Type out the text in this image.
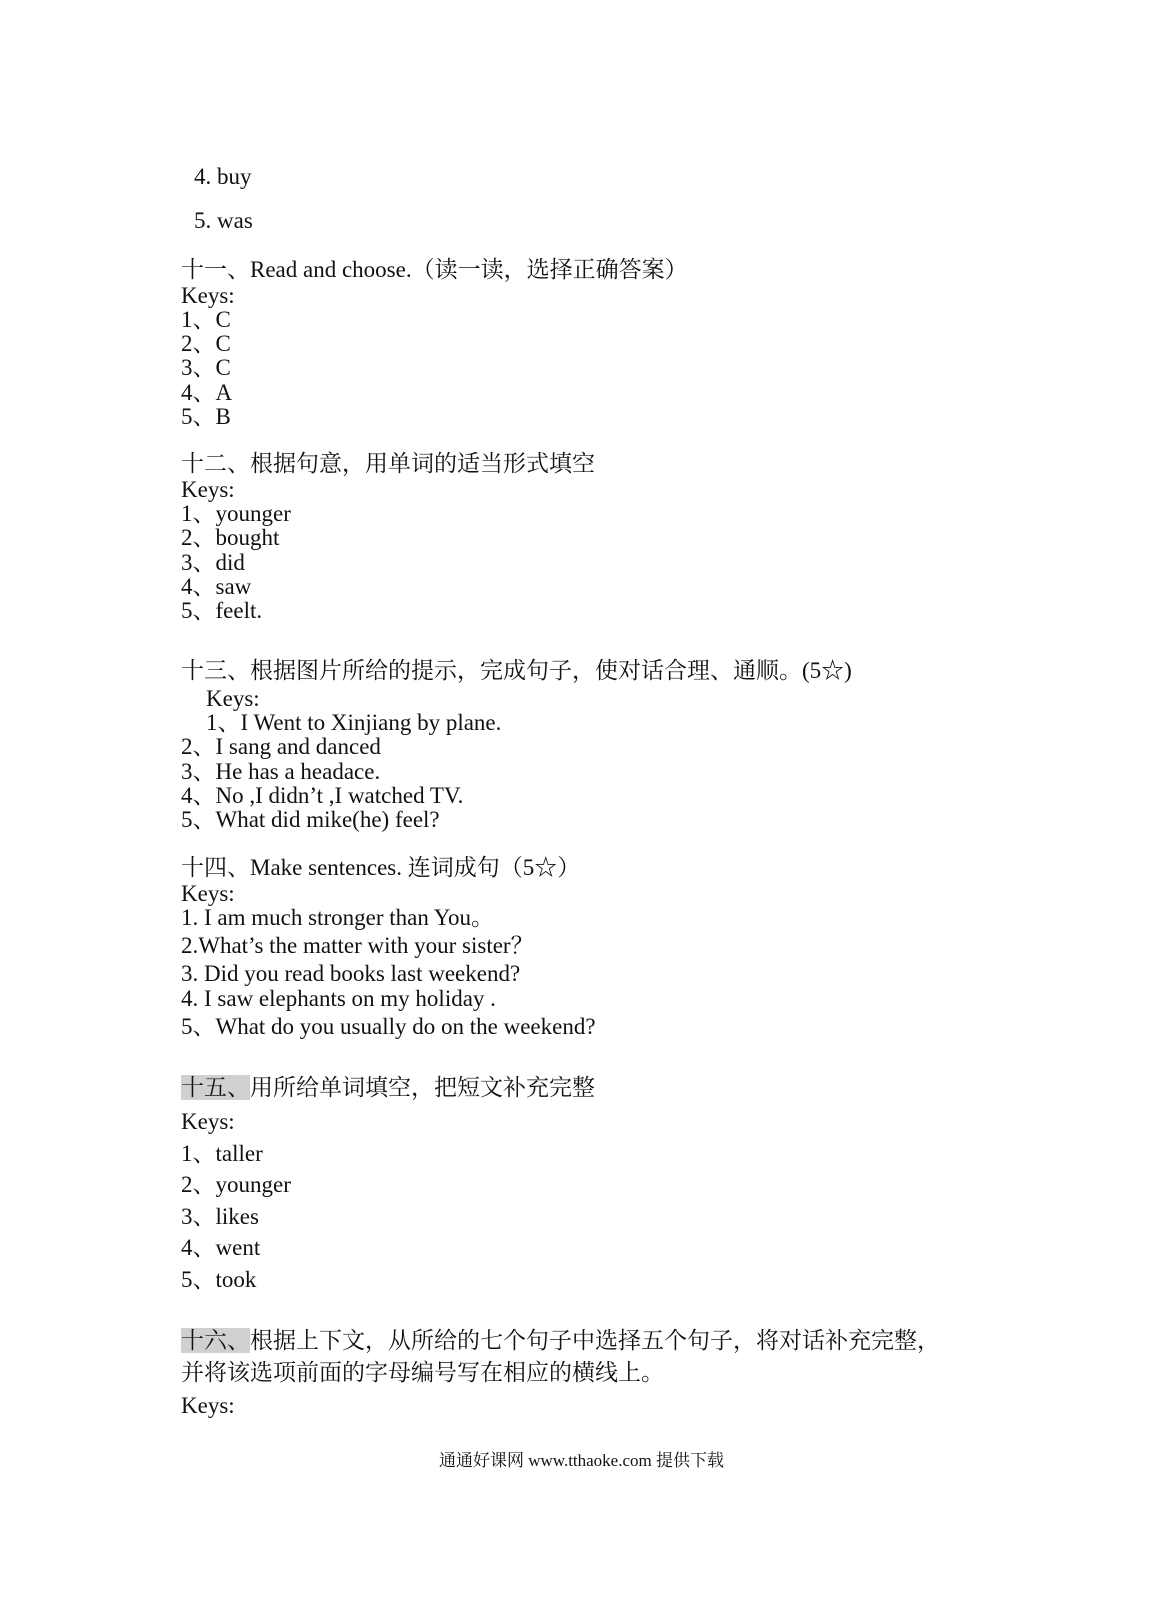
4. buy
5. was
十一、Read and choose.（读一读，选择正确答案）
Keys:
1、C
2、C
3、C
4、A
5、B
十二、根据句意，用单词的适当形式填空
Keys:
1、younger
2、bought
3、did
4、saw
5、feelt.
十三、根据图片所给的提示，完成句子，使对话合理、通顺。(5☆)
Keys:
1、I Went to Xinjiang by plane.
2、I sang and danced
3、He has a headace.
4、No ,I didn’t ,I watched TV.
5、What did mike(he) feel?
十四、Make sentences. 连词成句（5☆）
Keys:
1. I am much stronger than You。
2.What’s the matter with your sister？
3. Did you read books last weekend?
4. I saw elephants on my holiday .
5、What do you usually do on the weekend?
十五、用所给单词填空，把短文补充完整
Keys:
1、taller
2、younger
3、likes
4、went
5、took
十六、根据上下文，从所给的七个句子中选择五个句子，将对话补充完整，
并将该选项前面的字母编号写在相应的横线上。
Keys:
通通好课网 www.tthaoke.com 提供下载
